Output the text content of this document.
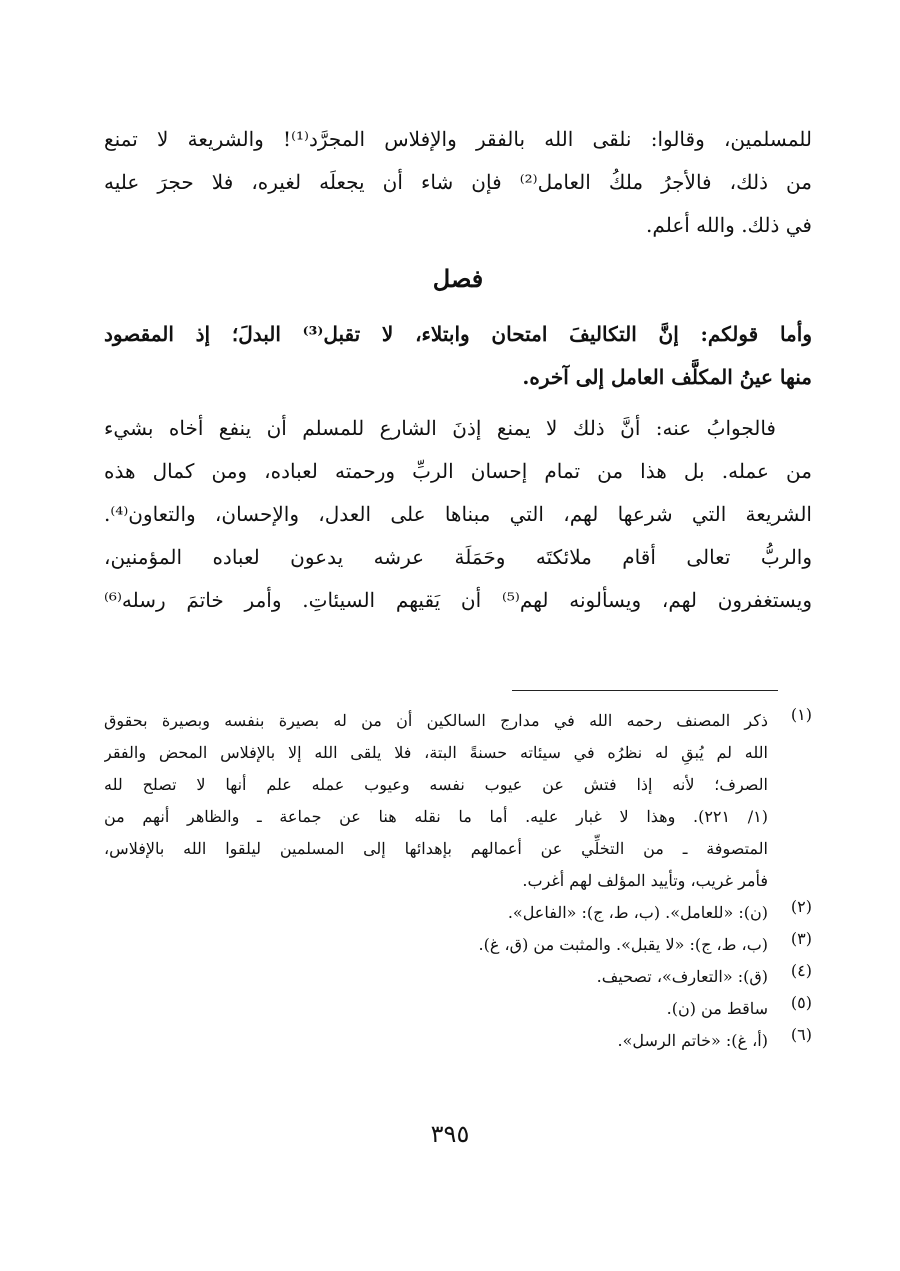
للمسلمين، وقالوا: نلقى الله بالفقر والإفلاس المجرَّد⁽¹⁾! والشريعة لا تمنع
من ذلك، فالأجرُ ملكُ العامل⁽²⁾ فإن شاء أن يجعلَه لغيره، فلا حجرَ عليه
في ذلك. والله أعلم.
فصل
وأما قولكم: إنَّ التكاليفَ امتحان وابتلاء، لا تقبل⁽³⁾ البدلَ؛ إذ المقصود
منها عينُ المكلَّف العامل إلى آخره.
فالجوابُ عنه: أنَّ ذلك لا يمنع إذنَ الشارع للمسلم أن ينفع أخاه بشيء
من عمله. بل هذا من تمام إحسان الربِّ ورحمته لعباده، ومن كمال هذه
الشريعة التي شرعها لهم، التي مبناها على العدل، والإحسان، والتعاون⁽⁴⁾.
والربُّ تعالى أقام ملائكتَه وحَمَلَة عرشه يدعون لعباده المؤمنين،
ويستغفرون لهم، ويسألونه لهم⁽⁵⁾ أن يَقيهم السيئاتِ. وأمر خاتمَ رسله⁽⁶⁾
(١)
ذكر المصنف رحمه الله في مدارج السالكين أن من له بصيرة بنفسه وبصيرة بحقوق
الله لم يُبقِ له نظرُه في سيئاته حسنةً البتة، فلا يلقى الله إلا بالإفلاس المحض والفقر
الصرف؛ لأنه إذا فتش عن عيوب نفسه وعيوب عمله علم أنها لا تصلح لله
(١/ ٢٢١). وهذا لا غبار عليه. أما ما نقله هنا عن جماعة ـ والظاهر أنهم من
المتصوفة ـ من التخلِّي عن أعمالهم بإهدائها إلى المسلمين ليلقوا الله بالإفلاس،
فأمر غريب، وتأييد المؤلف لهم أغرب.
(٢)
(ن): «للعامل». (ب، ط، ج): «الفاعل».
(٣)
(ب، ط، ج): «لا يقبل». والمثبت من (ق، غ).
(٤)
(ق): «التعارف»، تصحيف.
(٥)
ساقط من (ن).
(٦)
(أ، غ): «خاتم الرسل».
٣٩٥
